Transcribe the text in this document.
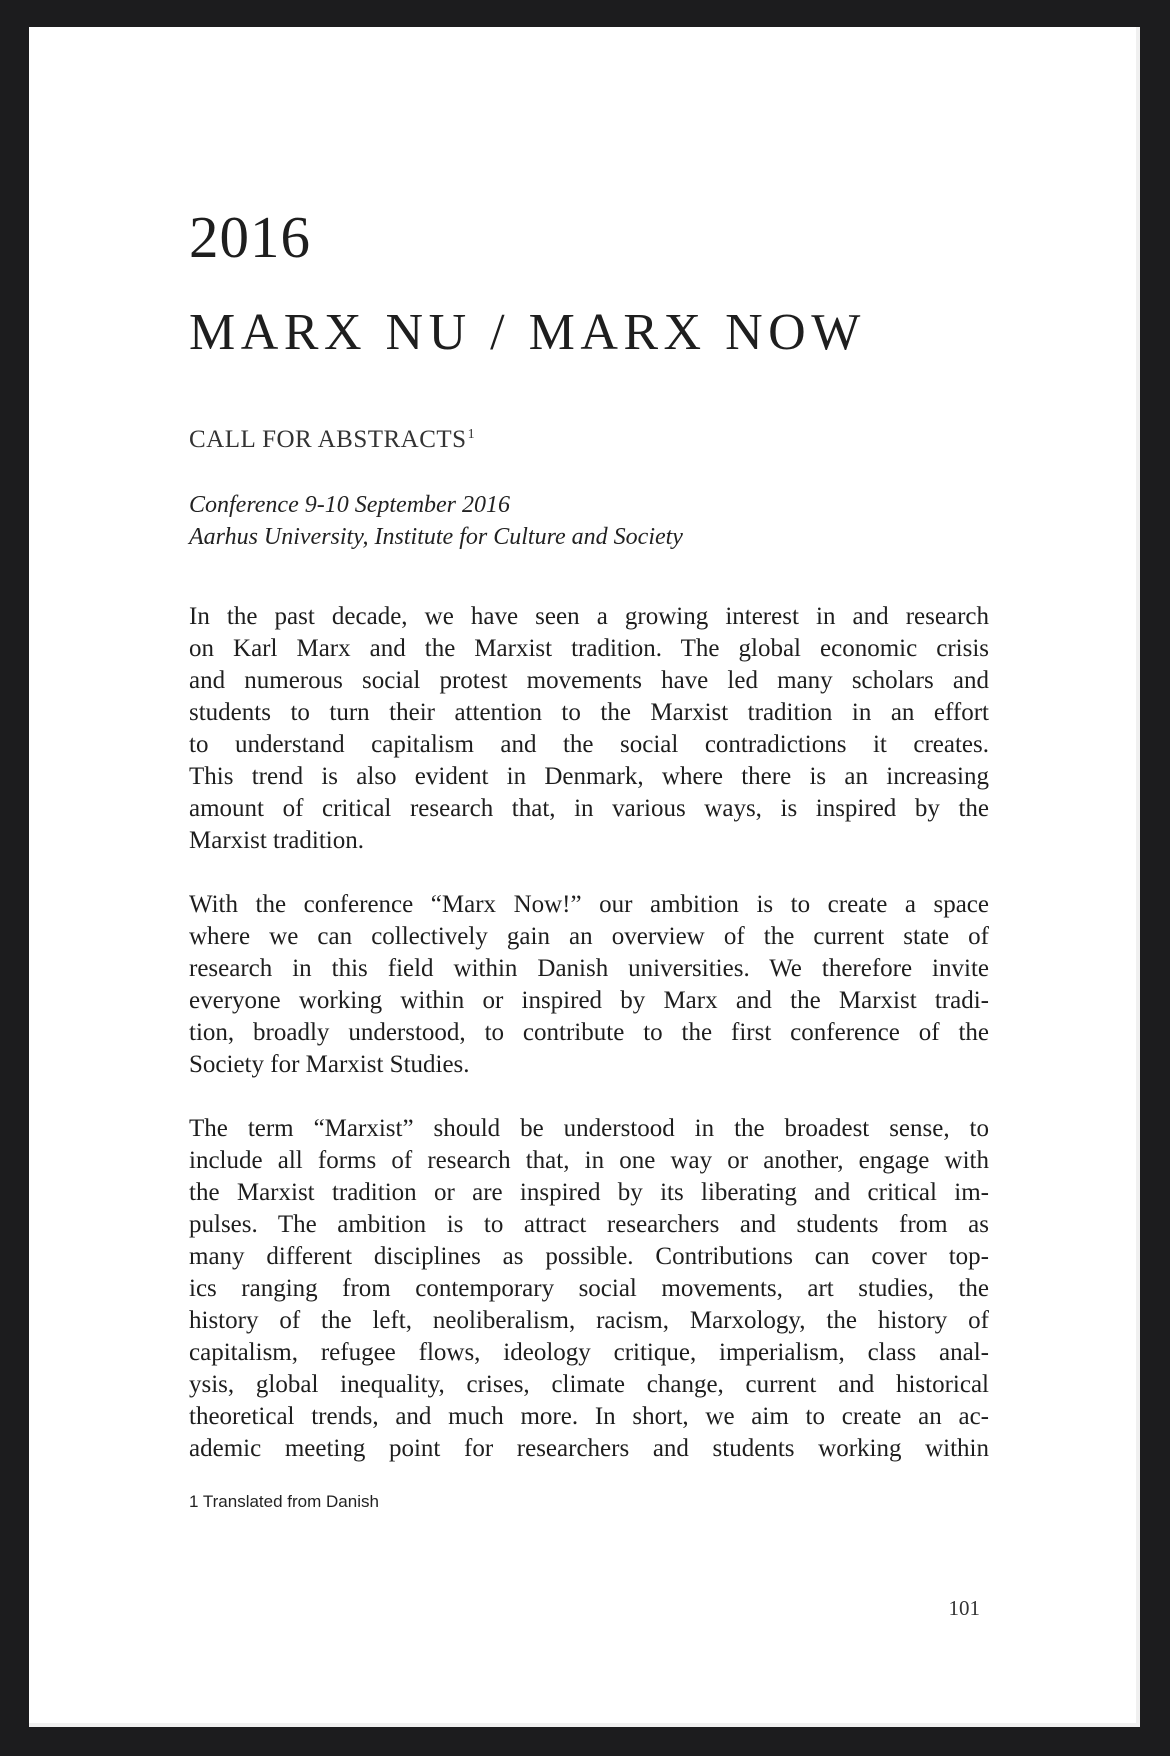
2016
MARX NU / MARX NOW
CALL FOR ABSTRACTS$^1$
Conference 9-10 September 2016
Aarhus University, Institute for Culture and Society

In the past decade, we have seen a growing interest in and research
on Karl Marx and the Marxist tradition. The global economic crisis
and numerous social protest movements have led many scholars and
students to turn their attention to the Marxist tradition in an effort
to understand capitalism and the social contradictions it creates.
This trend is also evident in Denmark, where there is an increasing
amount of critical research that, in various ways, is inspired by the
Marxist tradition.

With the conference “Marx Now!” our ambition is to create a space
where we can collectively gain an overview of the current state of
research in this field within Danish universities. We therefore invite
everyone working within or inspired by Marx and the Marxist tradi-
tion, broadly understood, to contribute to the first conference of the
Society for Marxist Studies.

The term “Marxist” should be understood in the broadest sense, to
include all forms of research that, in one way or another, engage with
the Marxist tradition or are inspired by its liberating and critical im-
pulses. The ambition is to attract researchers and students from as
many different disciplines as possible. Contributions can cover top-
ics ranging from contemporary social movements, art studies, the
history of the left, neoliberalism, racism, Marxology, the history of
capitalism, refugee flows, ideology critique, imperialism, class anal-
ysis, global inequality, crises, climate change, current and historical
theoretical trends, and much more. In short, we aim to create an ac-
ademic meeting point for researchers and students working within

1 Translated from Danish
101
